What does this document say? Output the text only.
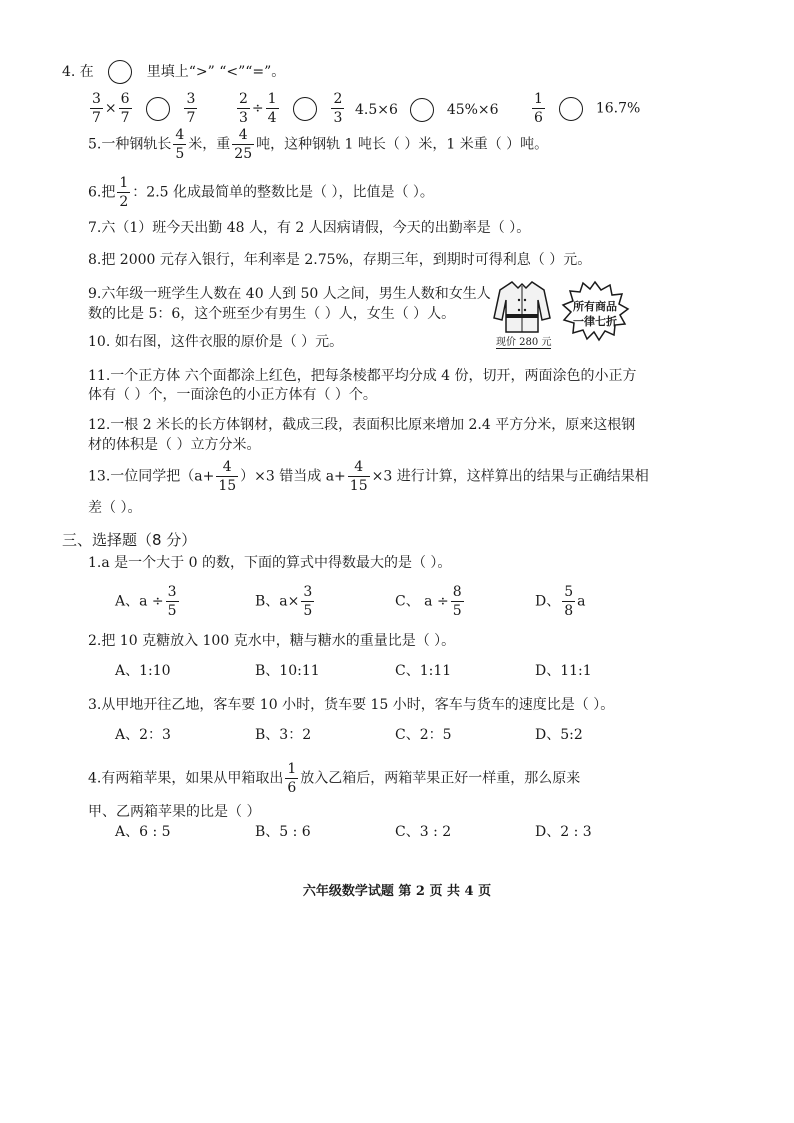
4. 在	里填上“>” “<”“=”。
$\frac{3}{7} \times \frac{6}{7}$
	$\frac{3}{7}$	$\frac{2}{3} \div \frac{1}{4}$
	$\frac{2}{3} 4.5\times 6$	$45\%\times 6 \frac{1}{6}$	16.7%
5.一种钢轨长 $\frac{4}{5}$ 米，重 $\frac{4}{25}$ 吨，这种钢轨 1 吨长（ ）米，1 米重（ ）吨。
6.把 $\frac{1}{2}$ ：2.5 化成最简单的整数比是（ ），比值是（ ）。
7.六（1）班今天出勤 48 人，有 2 人因病请假，今天的出勤率是（ ）。
8.把 2000 元存入银行，年利率是 2.75%，存期三年，到期时可得利息（ ）元。
9.六年级一班学生人数在 40 人到 50 人之间，男生人数和女生人
数的比是 5：6，这个班至少有男生（ ）人，女生（ ）人。
现价 280 元
所有商品
一律七折
10. 如右图，这件衣服的原价是（ ）元。
11.一个正方体 六个面都涂上红色，把每条棱都平均分成 4 份，切开，两面涂色的小正方
体有（ ）个，一面涂色的小正方体有（ ）个。
12.一根 2 米长的长方体钢材，截成三段，表面积比原来增加 2.4 平方分米，原来这根钢
材的体积是（ ）立方分米。
13.一位同学把$(a+ \frac{4}{15} )\times 3$ 错当成 $a+ \frac{4}{15} \times 3$ 进行计算，这样算出的结果与正确结果相
差（ ）。
三、选择题（8 分）
1.a 是一个大于 0 的数，下面的算式中得数最大的是（ ）。
A、$a \div \frac{3}{5}$	B、$a\times \frac{3}{5}$	C、 $a \div \frac{8}{5}$	D、 $\frac{5}{8}$ a
2.把 10 克糖放入 100 克水中，糖与糖水的重量比是（ ）。
A、1:10	B、10:11	C、1:11	D、11:1
3.从甲地开往乙地，客车要 10 小时，货车要 15 小时，客车与货车的速度比是（ ）。
A、2：3	B、3：2	C、2：5	D、5:2
4.有两箱苹果，如果从甲箱取出 $\frac{1}{6}$ 放入乙箱后，两箱苹果正好一样重，那么原来
甲、乙两箱苹果的比是（ ）
A、6 : 5	B、5 : 6	C、3 : 2	D、2 : 3
六年级数学试题 第 2 页 共 4 页
